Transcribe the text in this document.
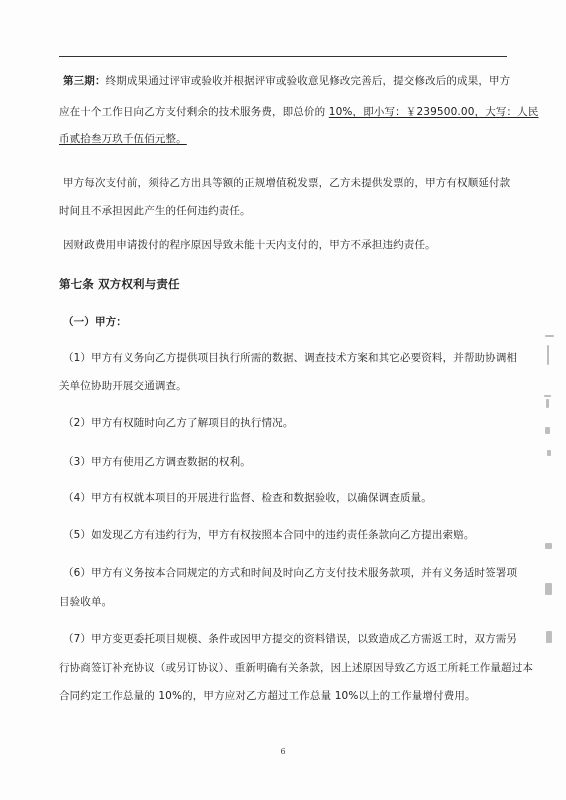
第三期：终期成果通过评审或验收并根据评审或验收意见修改完善后，提交修改后的成果，甲方
应在十个工作日向乙方支付剩余的技术服务费，即总价的 10%，即小写：￥239500.00，大写：人民
币贰拾叁万玖千伍佰元整。
甲方每次支付前，须待乙方出具等额的正规增值税发票，乙方未提供发票的，甲方有权顺延付款
时间且不承担因此产生的任何违约责任。
因财政费用申请拨付的程序原因导致未能十天内支付的，甲方不承担违约责任。
第七条 双方权利与责任
（一）甲方：
（1）甲方有义务向乙方提供项目执行所需的数据、调查技术方案和其它必要资料，并帮助协调相
关单位协助开展交通调查。
（2）甲方有权随时向乙方了解项目的执行情况。
（3）甲方有使用乙方调查数据的权利。
（4）甲方有权就本项目的开展进行监督、检查和数据验收，以确保调查质量。
（5）如发现乙方有违约行为，甲方有权按照本合同中的违约责任条款向乙方提出索赔。
（6）甲方有义务按本合同规定的方式和时间及时向乙方支付技术服务款项，并有义务适时签署项
目验收单。
（7）甲方变更委托项目规模、条件或因甲方提交的资料错误，以致造成乙方需返工时，双方需另
行协商签订补充协议（或另订协议）、重新明确有关条款，因上述原因导致乙方返工所耗工作量超过本
合同约定工作总量的 10%的，甲方应对乙方超过工作总量 10%以上的工作量增付费用。
6
